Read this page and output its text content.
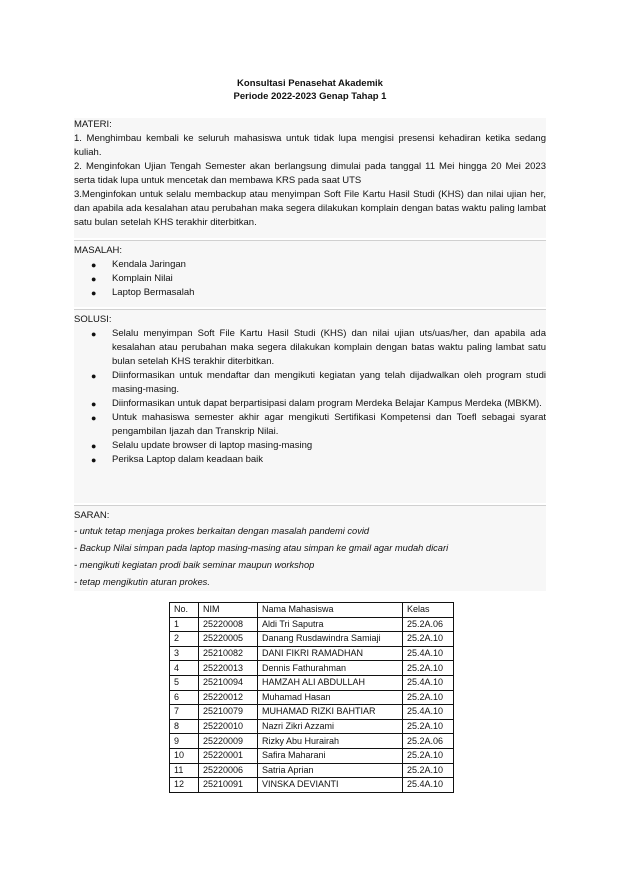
Konsultasi Penasehat Akademik
Periode 2022-2023 Genap Tahap 1
MATERI:

1. Menghimbau kembali ke seluruh mahasiswa untuk tidak lupa mengisi presensi kehadiran ketika sedang kuliah.

2. Menginfokan Ujian Tengah Semester akan berlangsung dimulai pada tanggal 11 Mei hingga 20 Mei 2023 serta tidak lupa untuk mencetak dan membawa KRS pada saat UTS

3.Menginfokan untuk selalu membackup atau menyimpan Soft File Kartu Hasil Studi (KHS) dan nilai ujian her, dan apabila ada kesalahan atau perubahan maka segera dilakukan komplain dengan batas waktu paling lambat satu bulan setelah KHS terakhir diterbitkan.

MASALAH:
● Kendala Jaringan
● Komplain Nilai
● Laptop Bermasalah
SOLUSI:
● Selalu menyimpan Soft File Kartu Hasil Studi (KHS) dan nilai ujian uts/uas/her, dan apabila ada kesalahan atau perubahan maka segera dilakukan komplain dengan batas waktu paling lambat satu bulan setelah KHS terakhir diterbitkan.
● Diinformasikan untuk mendaftar dan mengikuti kegiatan yang telah dijadwalkan oleh program studi masing-masing.
● Diinformasikan untuk dapat berpartisipasi dalam program Merdeka Belajar Kampus Merdeka (MBKM).
● Untuk mahasiswa semester akhir agar mengikuti Sertifikasi Kompetensi dan Toefl sebagai syarat pengambilan Ijazah dan Transkrip Nilai.
● Selalu update browser di laptop masing-masing
● Periksa Laptop dalam keadaan baik
SARAN:
- untuk tetap menjaga prokes berkaitan dengan masalah pandemi covid
- Backup Nilai simpan pada laptop masing-masing atau simpan ke gmail agar mudah dicari
- mengikuti kegiatan prodi baik seminar maupun workshop
- tetap mengikutin aturan prokes.
No.	NIM	Nama Mahasiswa	Kelas
1	25220008	Aldi Tri Saputra	25.2A.06
2	25220005	Danang Rusdawindra Samiaji	25.2A.10
3	25210082	DANI FIKRI RAMADHAN	25.4A.10
4	25220013	Dennis Fathurahman	25.2A.10
5	25210094	HAMZAH ALI ABDULLAH	25.4A.10
6	25220012	Muhamad Hasan	25.2A.10
7	25210079	MUHAMAD RIZKI BAHTIAR	25.4A.10
8	25220010	Nazri Zikri Azzami	25.2A.10
9	25220009	Rizky Abu Hurairah	25.2A.06
10	25220001	Safira Maharani	25.2A.10
11	25220006	Satria Aprian	25.2A.10
12	25210091	VINSKA DEVIANTI	25.4A.10
